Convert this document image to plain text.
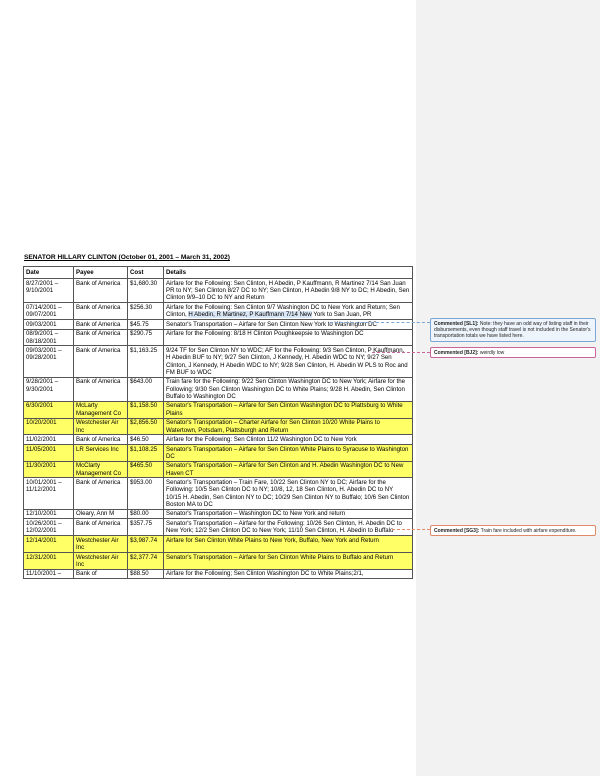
SENATOR HILLARY CLINTON (October 01, 2001 – March 31, 2002)
Date	Payee	Cost	Details
8/27/2001 – 9/10/2001	Bank of America	$1,680.30	Airfare for the Following: Sen Clinton, H Abedin, P Kauffmann, R Martinez 7/14 San Juan PR to NY; Sen Clinton 8/27 DC to NY; Sen Clinton, H Abedin 9/8 NY to DC; H Abedin, Sen Clinton 9/9–10 DC to NY and Return
07/14/2001 – 09/07/2001	Bank of America	$256.30	Airfare for the Following: Sen Clinton 9/7 Washington DC to New York and Return; Sen Clinton, H Abedin, R Martinez, P Kauffmann 7/14 New York to San Juan, PR
09/03/2001	Bank of America	$45.75	Senator's Transportation – Airfare for Sen Clinton New York to Washington DC
08/9/2001 – 08/18/2001	Bank of America	$290.75	Airfare for the Following: 8/18 H Clinton Poughkeepsie to Washington DC
09/03/2001 – 09/28/2001	Bank of America	$1,163.25	9/24 TF for Sen Clinton NY to WDC; AF for the Following: 9/3 Sen Clinton, P Kauffmann, H Abedin BUF to NY; 9/27 Sen Clinton, J Kennedy, H. Abedin WDC to NY; 9/27 Sen Clinton, J Kennedy, H Abedin WDC to NY; 9/28 Sen Clinton, H. Abedin W PLS to Roc and FM BUF to WDC
9/28/2001 – 9/30/2001	Bank of America	$643.00	Train fare for the Following: 9/22 Sen Clinton Washington DC to New York; Airfare for the Following: 9/30 Sen Clinton Washington DC to White Plains; 9/28 H. Abedin, Sen Clinton Buffalo to Washington DC
6/30/2001	McLarty Management Co	$1,158.50	Senator's Transportation – Airfare for Sen Clinton Washington DC to Plattsburg to White Plains
10/20/2001	Westchester Air Inc	$2,856.50	Senator's Transportation – Charter Airfare for Sen Clinton 10/20 White Plains to Watertown, Potsdam, Plattsburgh and Return
11/02/2001	Bank of America	$46.50	Airfare for the Following: Sen Clinton 11/2 Washington DC to New York
11/05/2001	LR Services Inc	$1,108.25	Senator's Transportation – Airfare for Sen Clinton White Plains to Syracuse to Washington DC
11/30/2001	McClarty Management Co	$465.50	Senator's Transportation – Airfare for Sen Clinton and H. Abedin Washington DC to New Haven CT
10/01/2001 – 11/12/2001	Bank of America	$953.00	Senator's Transportation – Train Fare, 10/22 Sen Clinton NY to DC; Airfare for the Following: 10/5 Sen Clinton DC to NY; 10/8, 12, 18 Sen Clinton, H. Abedin DC to NY 10/15 H. Abedin, Sen Clinton NY to DC; 10/29 Sen Clinton NY to Buffalo; 10/6 Sen Clinton Boston MA to DC
12/10/2001	Oleary, Ann M	$80.00	Senator's Transportation – Washington DC to New York and return
10/26/2001 – 12/02/2001	Bank of America	$357.75	Senator's Transportation – Airfare for the Following: 10/26 Sen Clinton, H. Abedin DC to New York; 12/2 Sen Clinton DC to New York; 11/10 Sen Clinton, H. Abedin to Buffalo
12/14/2001	Westchester Air Inc	$3,987.74	Airfare for Sen Clinton White Plains to New York, Buffalo, New York and Return
12/31/2001	Westchester Air Inc	$2,377.74	Senator's Transportation – Airfare for Sen Clinton White Plains to Buffalo and Return
11/10/2001 –	Bank of	$88.50	Airfare for the Following; Sen Clinton Washington DC to White Plains;2/1,
Commented [SL1]: Note: they have an odd way of listing staff in their disbursements, even though staff travel is not included in the Senator's transportation totals we have listed here.
Commented [BJ2]: weirdly low
Commented [SG3]: Train fare included with airfare expenditure.
